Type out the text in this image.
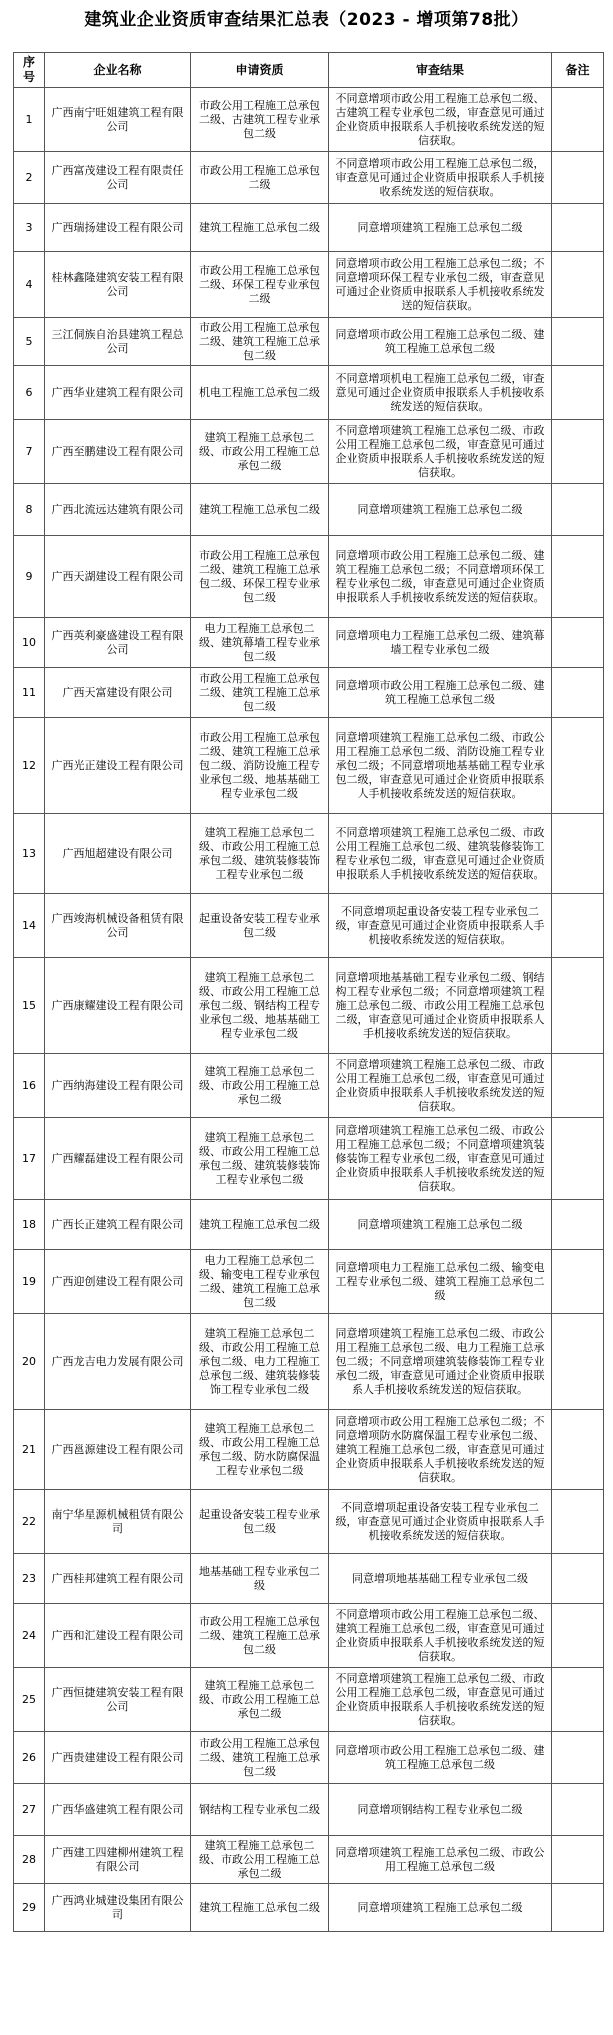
建筑业企业资质审查结果汇总表（2023 - 增项第78批）
序号	企业名称	申请资质	审查结果	备注
1	广西南宁旺姐建筑工程有限公司	市政公用工程施工总承包二级、古建筑工程专业承包二级	不同意增项市政公用工程施工总承包二级、古建筑工程专业承包二级，审查意见可通过企业资质申报联系人手机接收系统发送的短信获取。	
2	广西富茂建设工程有限责任公司	市政公用工程施工总承包二级	不同意增项市政公用工程施工总承包二级，审查意见可通过企业资质申报联系人手机接收系统发送的短信获取。	
3	广西瑞扬建设工程有限公司	建筑工程施工总承包二级	同意增项建筑工程施工总承包二级	
4	桂林鑫隆建筑安装工程有限公司	市政公用工程施工总承包二级、环保工程专业承包二级	同意增项市政公用工程施工总承包二级；不同意增项环保工程专业承包二级，审查意见可通过企业资质申报联系人手机接收系统发送的短信获取。	
5	三江侗族自治县建筑工程总公司	市政公用工程施工总承包二级、建筑工程施工总承包二级	同意增项市政公用工程施工总承包二级、建筑工程施工总承包二级	
6	广西华业建筑工程有限公司	机电工程施工总承包二级	不同意增项机电工程施工总承包二级，审查意见可通过企业资质申报联系人手机接收系统发送的短信获取。	
7	广西至鹏建设工程有限公司	建筑工程施工总承包二级、市政公用工程施工总承包二级	不同意增项建筑工程施工总承包二级、市政公用工程施工总承包二级，审查意见可通过企业资质申报联系人手机接收系统发送的短信获取。	
8	广西北流远达建筑有限公司	建筑工程施工总承包二级	同意增项建筑工程施工总承包二级	
9	广西天湖建设工程有限公司	市政公用工程施工总承包二级、建筑工程施工总承包二级、环保工程专业承包二级	同意增项市政公用工程施工总承包二级、建筑工程施工总承包二级；不同意增项环保工程专业承包二级，审查意见可通过企业资质申报联系人手机接收系统发送的短信获取。	
10	广西英利豪盛建设工程有限公司	电力工程施工总承包二级、建筑幕墙工程专业承包二级	同意增项电力工程施工总承包二级、建筑幕墙工程专业承包二级	
11	广西天富建设有限公司	市政公用工程施工总承包二级、建筑工程施工总承包二级	同意增项市政公用工程施工总承包二级、建筑工程施工总承包二级	
12	广西光正建设工程有限公司	市政公用工程施工总承包二级、建筑工程施工总承包二级、消防设施工程专业承包二级、地基基础工程专业承包二级	同意增项建筑工程施工总承包二级、市政公用工程施工总承包二级、消防设施工程专业承包二级；不同意增项地基基础工程专业承包二级，审查意见可通过企业资质申报联系人手机接收系统发送的短信获取。	
13	广西旭超建设有限公司	建筑工程施工总承包二级、市政公用工程施工总承包二级、建筑装修装饰工程专业承包二级	不同意增项建筑工程施工总承包二级、市政公用工程施工总承包二级、建筑装修装饰工程专业承包二级，审查意见可通过企业资质申报联系人手机接收系统发送的短信获取。	
14	广西竣海机械设备租赁有限公司	起重设备安装工程专业承包二级	不同意增项起重设备安装工程专业承包二级，审查意见可通过企业资质申报联系人手机接收系统发送的短信获取。	
15	广西康耀建设工程有限公司	建筑工程施工总承包二级、市政公用工程施工总承包二级、钢结构工程专业承包二级、地基基础工程专业承包二级	同意增项地基基础工程专业承包二级、钢结构工程专业承包二级；不同意增项建筑工程施工总承包二级、市政公用工程施工总承包二级，审查意见可通过企业资质申报联系人手机接收系统发送的短信获取。	
16	广西纳海建设工程有限公司	建筑工程施工总承包二级、市政公用工程施工总承包二级	不同意增项建筑工程施工总承包二级、市政公用工程施工总承包二级，审查意见可通过企业资质申报联系人手机接收系统发送的短信获取。	
17	广西耀磊建设工程有限公司	建筑工程施工总承包二级、市政公用工程施工总承包二级、建筑装修装饰工程专业承包二级	同意增项建筑工程施工总承包二级、市政公用工程施工总承包二级；不同意增项建筑装修装饰工程专业承包二级，审查意见可通过企业资质申报联系人手机接收系统发送的短信获取。	
18	广西长正建筑工程有限公司	建筑工程施工总承包二级	同意增项建筑工程施工总承包二级	
19	广西迎创建设工程有限公司	电力工程施工总承包二级、输变电工程专业承包二级、建筑工程施工总承包二级	同意增项电力工程施工总承包二级、输变电工程专业承包二级、建筑工程施工总承包二级	
20	广西龙吉电力发展有限公司	建筑工程施工总承包二级、市政公用工程施工总承包二级、电力工程施工总承包二级、建筑装修装饰工程专业承包二级	同意增项建筑工程施工总承包二级、市政公用工程施工总承包二级、电力工程施工总承包二级；不同意增项建筑装修装饰工程专业承包二级，审查意见可通过企业资质申报联系人手机接收系统发送的短信获取。	
21	广西邕源建设工程有限公司	建筑工程施工总承包二级、市政公用工程施工总承包二级、防水防腐保温工程专业承包二级	同意增项市政公用工程施工总承包二级；不同意增项防水防腐保温工程专业承包二级、建筑工程施工总承包二级，审查意见可通过企业资质申报联系人手机接收系统发送的短信获取。	
22	南宁华星源机械租赁有限公司	起重设备安装工程专业承包二级	不同意增项起重设备安装工程专业承包二级，审查意见可通过企业资质申报联系人手机接收系统发送的短信获取。	
23	广西桂邦建筑工程有限公司	地基基础工程专业承包二级	同意增项地基基础工程专业承包二级	
24	广西和汇建设工程有限公司	市政公用工程施工总承包二级、建筑工程施工总承包二级	不同意增项市政公用工程施工总承包二级、建筑工程施工总承包二级，审查意见可通过企业资质申报联系人手机接收系统发送的短信获取。	
25	广西恒捷建筑安装工程有限公司	建筑工程施工总承包二级、市政公用工程施工总承包二级	不同意增项建筑工程施工总承包二级、市政公用工程施工总承包二级，审查意见可通过企业资质申报联系人手机接收系统发送的短信获取。	
26	广西贵建建设工程有限公司	市政公用工程施工总承包二级、建筑工程施工总承包二级	同意增项市政公用工程施工总承包二级、建筑工程施工总承包二级	
27	广西华盛建筑工程有限公司	钢结构工程专业承包二级	同意增项钢结构工程专业承包二级	
28	广西建工四建柳州建筑工程有限公司	建筑工程施工总承包二级、市政公用工程施工总承包二级	同意增项建筑工程施工总承包二级、市政公用工程施工总承包二级	
29	广西鸿业城建设集团有限公司	建筑工程施工总承包二级	同意增项建筑工程施工总承包二级	
